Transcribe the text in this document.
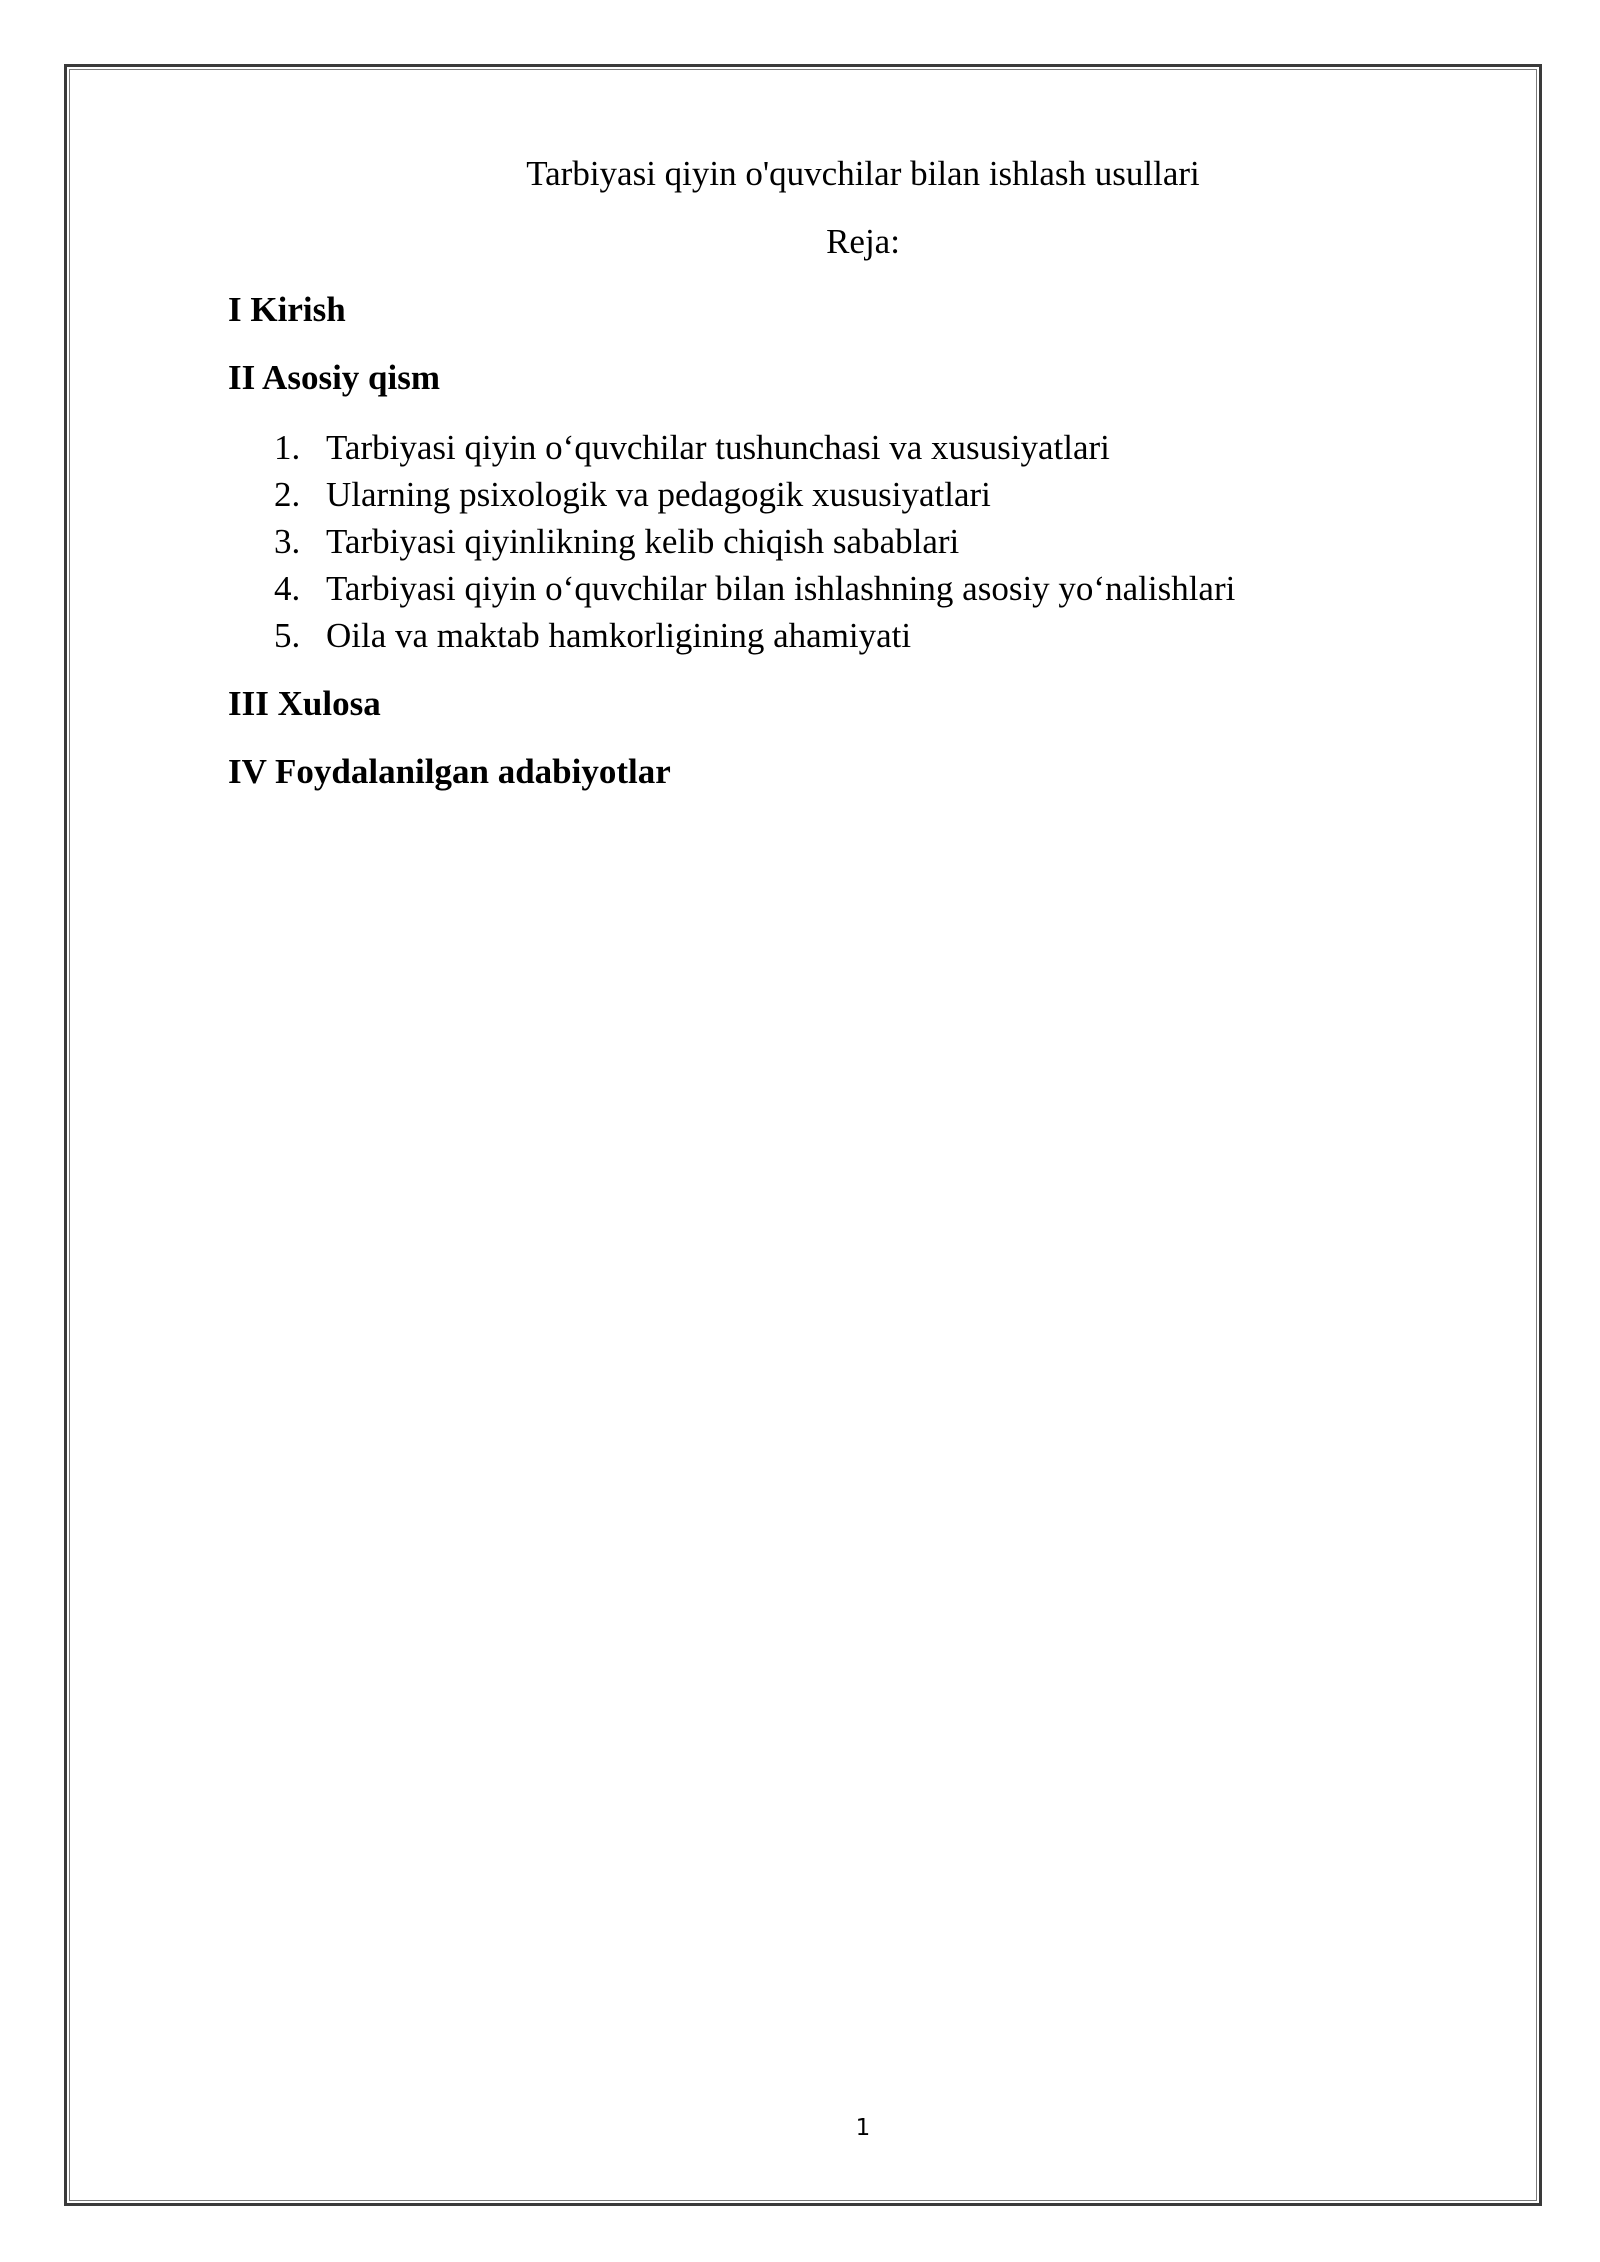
Tarbiyasi qiyin o'quvchilar bilan ishlash usullari
Reja:
I Kirish
II Asosiy qism
1. Tarbiyasi qiyin o‘quvchilar tushunchasi va xususiyatlari
2. Ularning psixologik va pedagogik xususiyatlari
3. Tarbiyasi qiyinlikning kelib chiqish sabablari
4. Tarbiyasi qiyin o‘quvchilar bilan ishlashning asosiy yo‘nalishlari
5. Oila va maktab hamkorligining ahamiyati
III Xulosa
IV Foydalanilgan adabiyotlar
1
